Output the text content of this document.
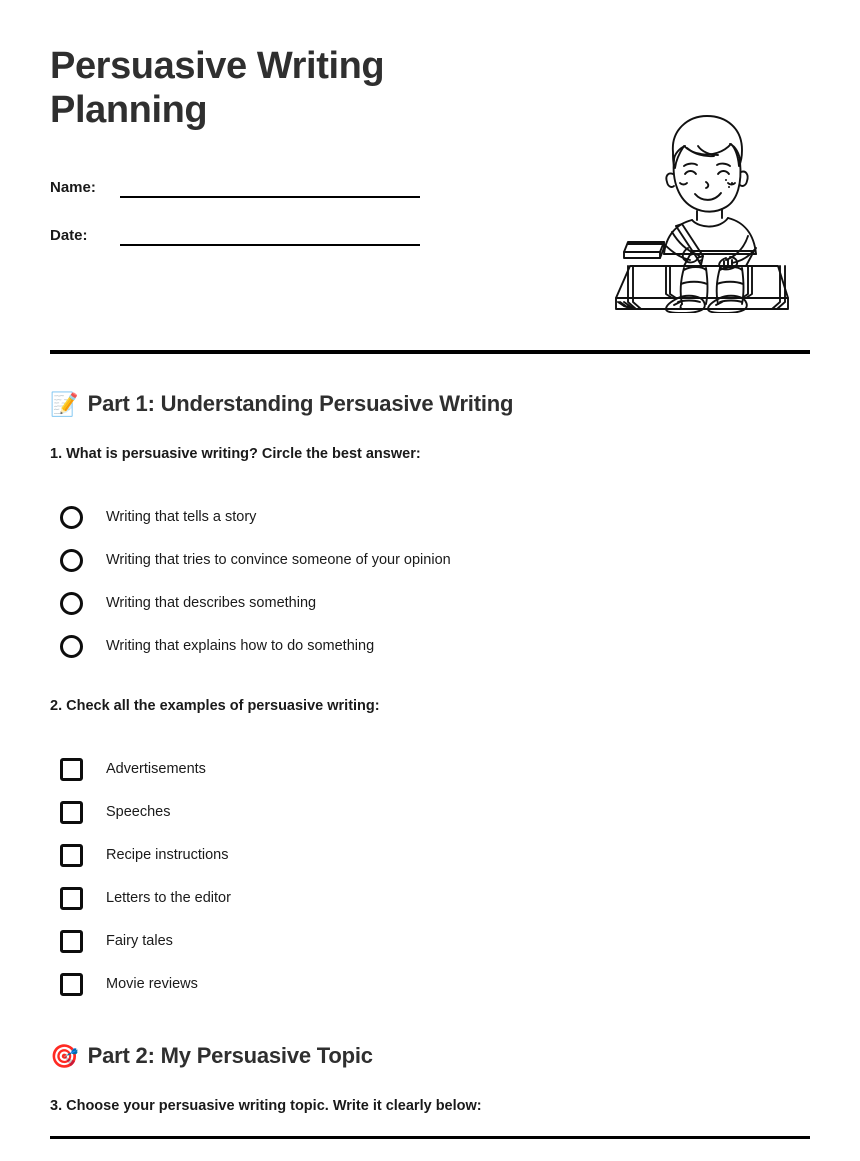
Persuasive Writing Planning
Name:
Date:
📝 Part 1: Understanding Persuasive Writing
1. What is persuasive writing? Circle the best answer:
Writing that tells a story
Writing that tries to convince someone of your opinion
Writing that describes something
Writing that explains how to do something
2. Check all the examples of persuasive writing:
Advertisements
Speeches
Recipe instructions
Letters to the editor
Fairy tales
Movie reviews
🎯 Part 2: My Persuasive Topic
3. Choose your persuasive writing topic. Write it clearly below:
